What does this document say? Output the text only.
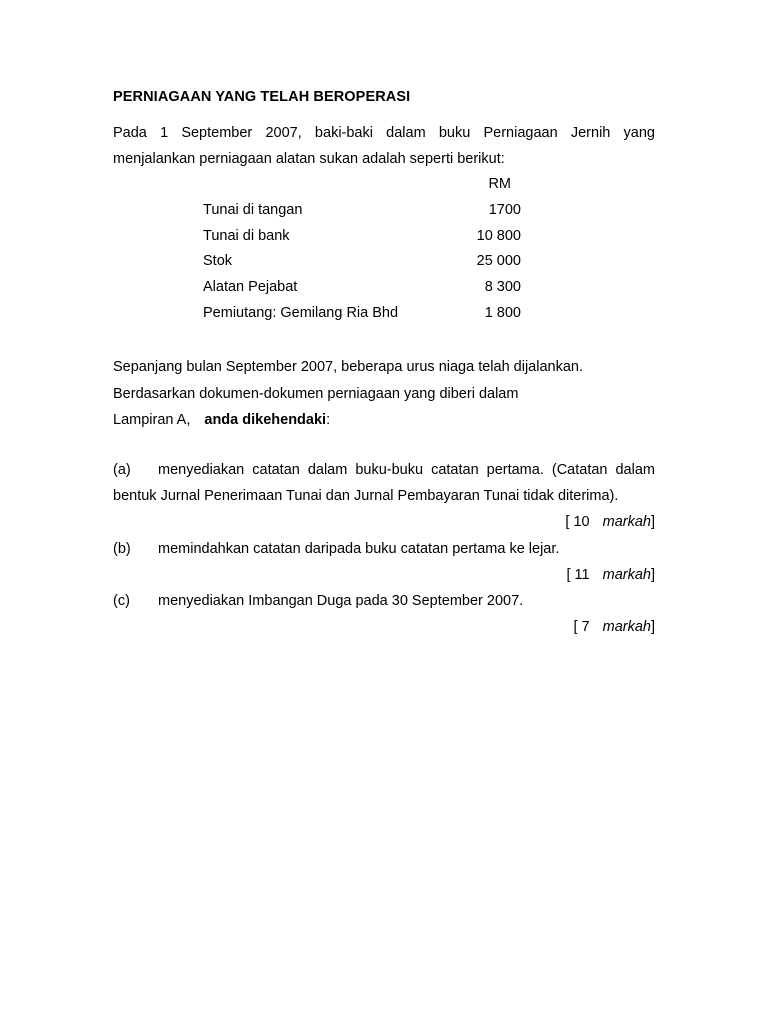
PERNIAGAAN YANG TELAH BEROPERASI
Pada 1 September 2007, baki-baki dalam buku Perniagaan Jernih yang
menjalankan perniagaan alatan sukan adalah seperti berikut:
RM
Tunai di tangan	1700
Tunai di bank	10 800
Stok	25 000
Alatan Pejabat	8 300
Pemiutang: Gemilang Ria Bhd	1 800
Sepanjang bulan September 2007, beberapa urus niaga telah dijalankan.
Berdasarkan dokumen-dokumen perniagaan yang diberi dalam
Lampiran A, anda dikehendaki:
(a)	menyediakan catatan dalam buku-buku catatan pertama. (Catatan dalam
bentuk Jurnal Penerimaan Tunai dan Jurnal Pembayaran Tunai tidak diterima).
[ 10 markah]
(b)	memindahkan catatan daripada buku catatan pertama ke lejar.
[ 11 markah]
(c)	menyediakan Imbangan Duga pada 30 September 2007.
[ 7 markah]
